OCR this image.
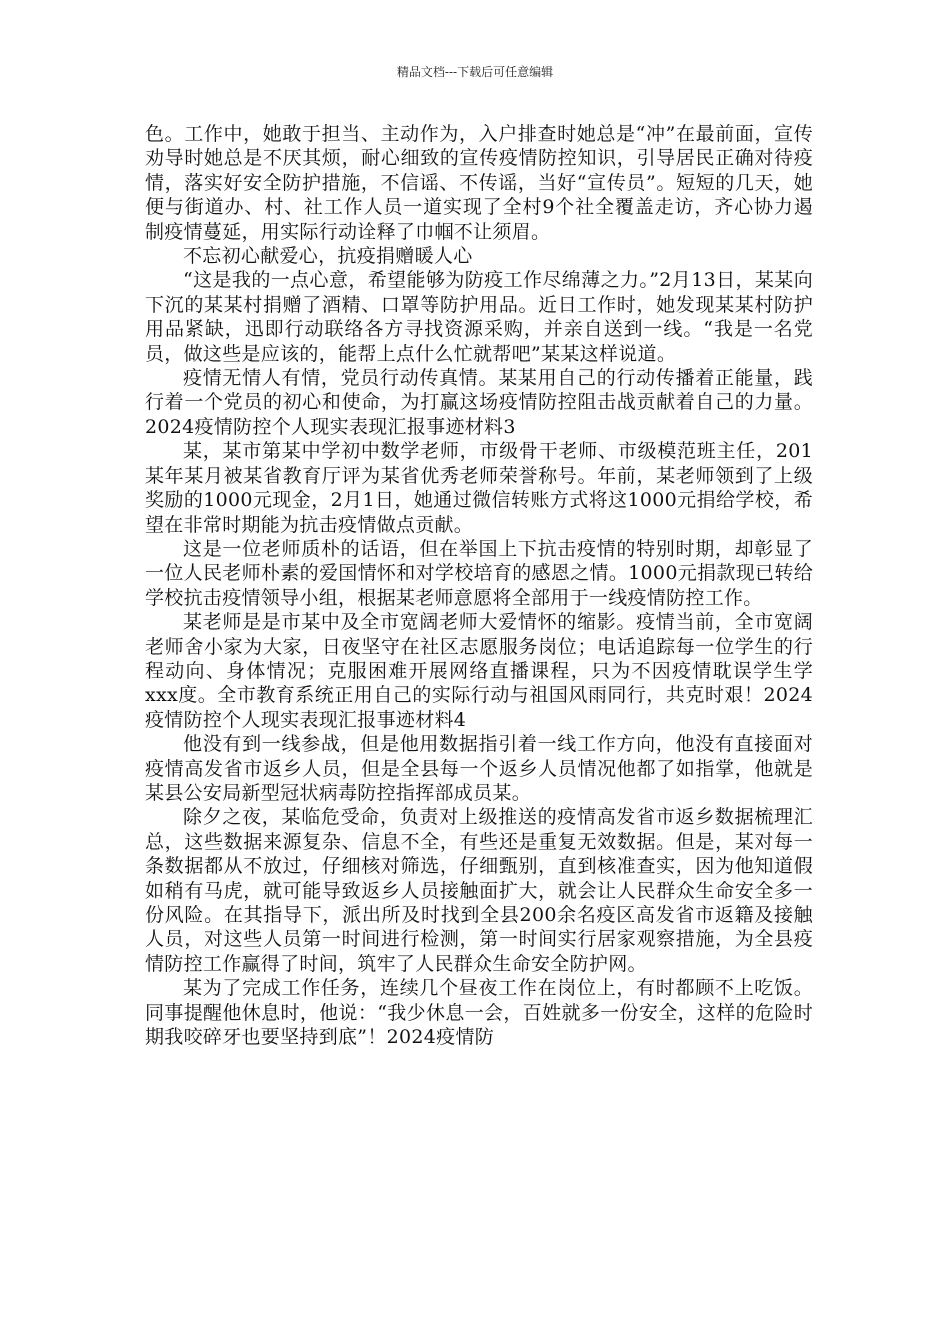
精品文档---下载后可任意编辑

色。工作中，她敢于担当、主动作为，入户排查时她总是“冲”在最前面，宣传劝导时她总是不厌其烦，耐心细致的宣传疫情防控知识，引导居民正确对待疫情，落实好安全防护措施，不信谣、不传谣，当好“宣传员”。短短的几天，她便与街道办、村、社工作人员一道实现了全村9个社全覆盖走访，齐心协力遏制疫情蔓延，用实际行动诠释了巾帼不让须眉。

不忘初心献爱心，抗疫捐赠暖人心

“这是我的一点心意，希望能够为防疫工作尽绵薄之力。”2月13日，某某向下沉的某某村捐赠了酒精、口罩等防护用品。近日工作时，她发现某某村防护用品紧缺，迅即行动联络各方寻找资源采购，并亲自送到一线。“我是一名党员，做这些是应该的，能帮上点什么忙就帮吧”某某这样说道。

疫情无情人有情，党员行动传真情。某某用自己的行动传播着正能量，践行着一个党员的初心和使命，为打赢这场疫情防控阻击战贡献着自己的力量。2024疫情防控个人现实表现汇报事迹材料3

某，某市第某中学初中数学老师，市级骨干老师、市级模范班主任，201某年某月被某省教育厅评为某省优秀老师荣誉称号。年前，某老师领到了上级奖励的1000元现金，2月1日，她通过微信转账方式将这1000元捐给学校，希望在非常时期能为抗击疫情做点贡献。

这是一位老师质朴的话语，但在举国上下抗击疫情的特别时期，却彰显了一位人民老师朴素的爱国情怀和对学校培育的感恩之情。1000元捐款现已转给学校抗击疫情领导小组，根据某老师意愿将全部用于一线疫情防控工作。

某老师是是市某中及全市宽阔老师大爱情怀的缩影。疫情当前，全市宽阔老师舍小家为大家，日夜坚守在社区志愿服务岗位；电话追踪每一位学生的行程动向、身体情况；克服困难开展网络直播课程，只为不因疫情耽误学生学xxx度。全市教育系统正用自己的实际行动与祖国风雨同行，共克时艰！2024疫情防控个人现实表现汇报事迹材料4

他没有到一线参战，但是他用数据指引着一线工作方向，他没有直接面对疫情高发省市返乡人员，但是全县每一个返乡人员情况他都了如指掌，他就是某县公安局新型冠状病毒防控指挥部成员某。

除夕之夜，某临危受命，负责对上级推送的疫情高发省市返乡数据梳理汇总，这些数据来源复杂、信息不全，有些还是重复无效数据。但是，某对每一条数据都从不放过，仔细核对筛选，仔细甄别，直到核准查实，因为他知道假如稍有马虎，就可能导致返乡人员接触面扩大，就会让人民群众生命安全多一份风险。在其指导下，派出所及时找到全县200余名疫区高发省市返籍及接触人员，对这些人员第一时间进行检测，第一时间实行居家观察措施，为全县疫情防控工作赢得了时间，筑牢了人民群众生命安全防护网。

某为了完成工作任务，连续几个昼夜工作在岗位上，有时都顾不上吃饭。同事提醒他休息时，他说：“我少休息一会，百姓就多一份安全，这样的危险时期我咬碎牙也要坚持到底”！2024疫情防
